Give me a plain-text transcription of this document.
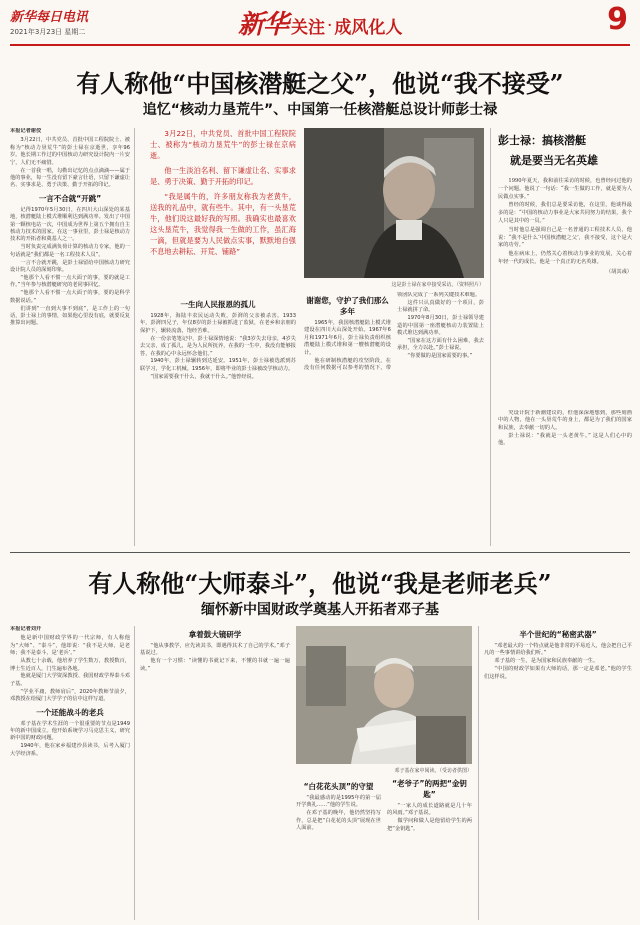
新华每日电讯
2021年3月23日 星期二	新华 关注 · 成风化人	9
有人称他“中国核潜艇之父”，他说“我不接受”
追忆“核动力垦荒牛”、中国第一任核潜艇总设计师彭士禄

本报记者谢佼

3月22日，中共党员、首批中国工程院院士、被称为“核动力垦荒牛”的彭士禄在京逝世，享年96岁。他长期工作过的中国核动力研究设计院内一片安宁，人们无不痛惜。

在一首我一唱，勾勒出记忆的点点滴滴——属于他的事业，每一生没有留下豪言壮语，只留下谦虚让名、实事求是、勇于决策、勤于开拓的印记。

一言不合就“开跳”

记得1970年5月30日，在四川大山深处的某基地，核潜艇陆上模式堆顺利达到满功率。发出了中国第一颗核电站一次，中国成为世界上第五个拥有自主核动力技术的国家。在这一事业里，彭士禄是核动力技术的开拓者和奠基人之一。

当时负责完成满负荷计算的核动力专家，他的一句话就是“我们都是一名工程技术人员”。

一言不合就开跳，是彭士禄留给中国核动力研究设计院人员的深刻印象。

“他那个人看不惯一点大面子的事，要的就是工作。”当年参与核潜艇研究的老同事回忆。

“他那个人看不惯一点大面子的事，要的是科学数据说话。”

们讲到“一直到大事不到底”，是工作上的一句话，彭士禄上的事情，如果他心里没有底，就要反复推算出问题。

一生向人民报恩的孤儿

1928年，海陆丰农民运动失败，彭湃的父亲被杀害。1933年，彭湃四兄子，年仅8岁的彭士禄被抓进了监狱，在老乡和亲朋的保护下，辗转流落，饱经苦难。

在一份亲笔笔记中，彭士禄深情地说：“我3岁失去母亲，4岁失去父亲，成了孤儿，是为人民所抚养，在我的一生中，我没有能够报答，在我的心中永远怀念他们。”

1940年，彭士禄辗转到达延安。1951年，彭士禄被选派到苏联学习，学化工机械。1956年，即将毕业的彭士禄被改学核动力。

“国家需要我干什么，我就干什么。”他曾经说。

3月22日，中共党员、首批中国工程院院士、被称为“核动力垦荒牛”的彭士禄在京病逝。

他一生淡泊名利、留下谦虚让名、实事求是、勇于决策、勤于开拓的印记。

“我是属牛的，许多朋友称我为老黄牛，送我的礼品中，就有些牛。其中，有一头垦荒牛，他们说这最好我的写照。我确实也最喜欢这头垦荒牛，我觉得我一生做的工作，虽汇海一滴，但就是要为人民做点实事，默默地自强不息地去耕耘、开荒、铺路”

这是彭士禄在家中接受采访。（资料照片）

谢谢您，守护了我们那么多年

1965年，我国核潜艇陆上模式堆建设在四川大山深处开始。1967年6月和1971年6月，彭士禄负责组织核潜艇陆上模式堆和第一艘核潜艇的设计。

他在研制核潜艇的攻坚阶段，在没有任何数据可以参考的情况下，带领团队完成了一系列关键技术难题。

这件只认真做好的一个项目，彭士禄就拼了命。

1970年8月30日，彭士禄领导建造的中国第一座潜艇核动力装置陆上模式堆达到满功率。

“国家在这方面有什么困难，我去承担，全力以赴。”彭士禄说。

“你要做的是国家需要的事。”

彭士禄：搞核潜艇
就是要当无名英雄

1990年夏天，我和前往采访的时候，也曾经问过他的一个问题。他说了一句话：“我一生做的工作，就是要为人民做点实事。”

曾经的时候，我们总是要采访他，在这里，他谈得最多的是：“中国的核动力事业是大家共同努力的结果，我个人只是其中的一员。”

当时他总是强调自己是一名普通的工程技术人员，他说：“我不是什么‘中国核潜艇之父’，我不接受，这个是大家的功劳。”

他在病床上，仍然关心着核动力事业的发展，关心着年轻一代的成长。他是一个真正的无名英雄。

（胡其彧）

究设计院于新潮建议的，但他深深地想到，那些刻画中的人物，他在一头垦荒牛的身上，都是为了我们的国家和民族，去奉献一切的人。

彭士禄说：“我就是一头老黄牛。” 这是人们心中的他。

有人称他“大师泰斗”，他说“我是老师老兵”
缅怀新中国财政学奠基人开拓者邓子基

本报记者刘开

他是新中国财政学界的一代宗师，有人称他为“大师”、“泰斗”，他却说：“我不是大师，是老师；我不是泰斗，是‘老兵’。”

从教七十余载，他培养了学生数万，教授数百，博士生近百人，门生遍布各地。

他就是厦门大学资深教授、我国财政学界泰斗邓子基。

“学业平庸，教师肩后”，2020年教师节前夕，邓教授在给厦门大学学子的信中这样写道。

一个还能战斗的老兵

邓子基在学术生涯的一个很重要的节点是1949年的新中国成立。他开始系统学习马克思主义，研究新中国的财政问题。

1940年，他在家乡福建沙县读书，后考入厦门大学经济系。

拿着鼓大镜研学

“他从事教学，应先读其书，即遇得其术了自己的学术。”邓子基说过。

他有一个习惯：“读懂的书就记下来，不懂的书就一遍一遍读。”

邓子基在家中阅读。（受访者供图）

“白花花头顶”的守望

“我最感动的是1995年的第一届开学典礼……”他的学生说。

在邓子基的晚年，他仍然坚持写作，总是把“白花花的头顶”展现在世人面前。

“老爷子”的两把“金钥匙”

“一家人的成长道路就是几十年的风雨。”邓子基说。

做学问和做人是他留给学生的两把“金钥匙”。

半个世纪的“秘密武器”

“邓老最大的一个特点就是他非常的平易近人，他会把自己平凡的一些事情讲给我们听。”

邓子基的一生，是为国家和民族奉献的一生。

“中国的财政学如果有大师的话，那一定是邓老。”他的学生们这样说。
